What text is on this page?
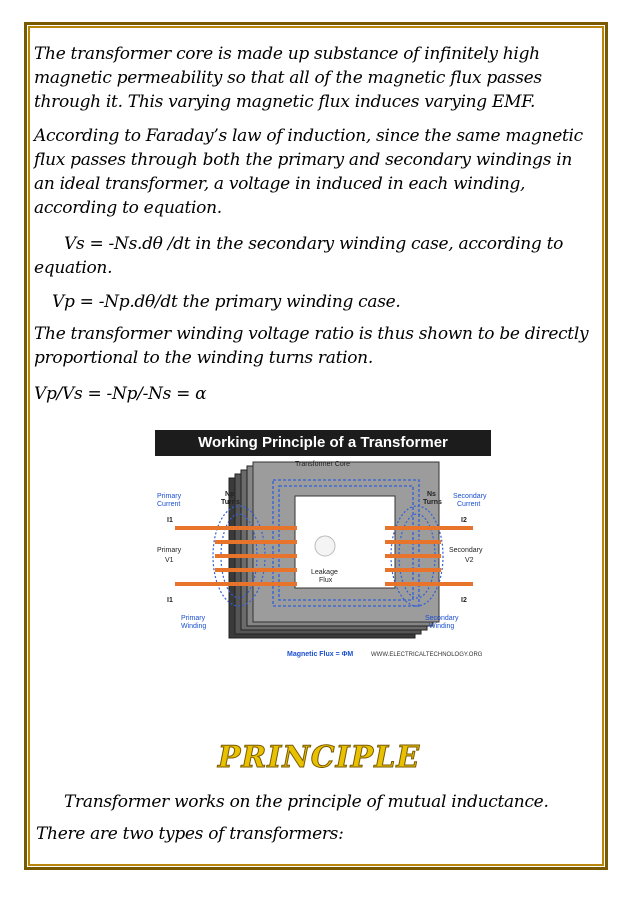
The transformer core is made up substance of infinitely high magnetic permeability so that all of the magnetic flux passes through it. This varying magnetic flux induces varying EMF.
According to Faraday’s law of induction, since the same magnetic flux passes through both the primary and secondary windings in an ideal transformer, a voltage in induced in each winding, according to equation.
Vs = -Ns.dθ /dt in the secondary winding case, according to equation.
Vp = -Np.dθ/dt the primary winding case.
The transformer winding voltage ratio is thus shown to be directly proportional to the winding turns ration.
Vp/Vs = -Np/-Ns = α
Working Principle of a Transformer
Transformer Core
Np
Turns
Ns
Turns
Primary
Current
Secondary
Current
I1
I1
I2
I2
Primary
V1
Secondary
V2
Leakage
Flux
Primary
Winding
Secondary
Winding
Magnetic Flux = ΦM	WWW.ELECTRICALTECHNOLOGY.ORG
PRINCIPLE
Transformer works on the principle of mutual inductance.
There are two types of transformers:
